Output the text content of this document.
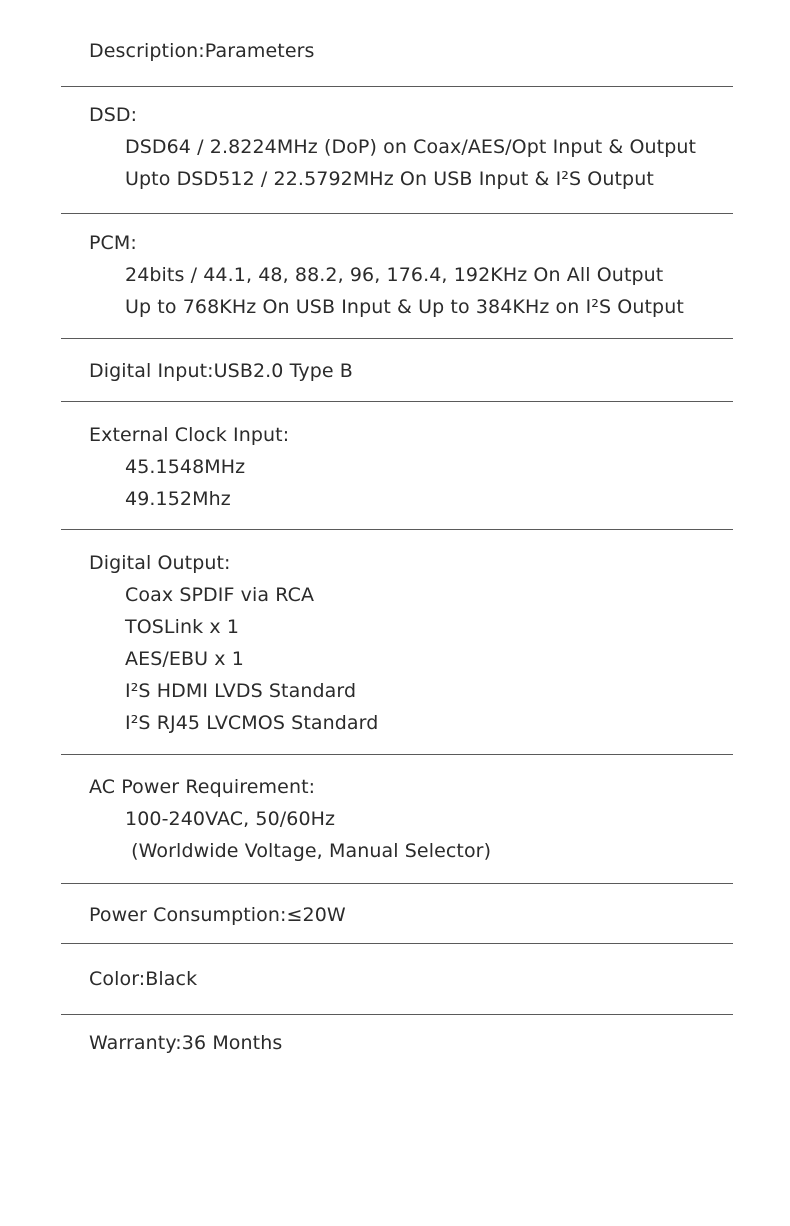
Description:Parameters
DSD:
DSD64 / 2.8224MHz (DoP) on Coax/AES/Opt Input & Output
Upto DSD512 / 22.5792MHz On USB Input & I²S Output
PCM:
24bits / 44.1, 48, 88.2, 96, 176.4, 192KHz On All Output
Up to 768KHz On USB Input & Up to 384KHz on I²S Output
Digital Input:USB2.0 Type B
External Clock Input:
45.1548MHz
49.152Mhz
Digital Output:
Coax SPDIF via RCA
TOSLink x 1
AES/EBU x 1
I²S HDMI LVDS Standard
I²S RJ45 LVCMOS Standard
AC Power Requirement:
100-240VAC, 50/60Hz
(Worldwide Voltage, Manual Selector)
Power Consumption:≤20W
Color:Black
Warranty:36 Months
